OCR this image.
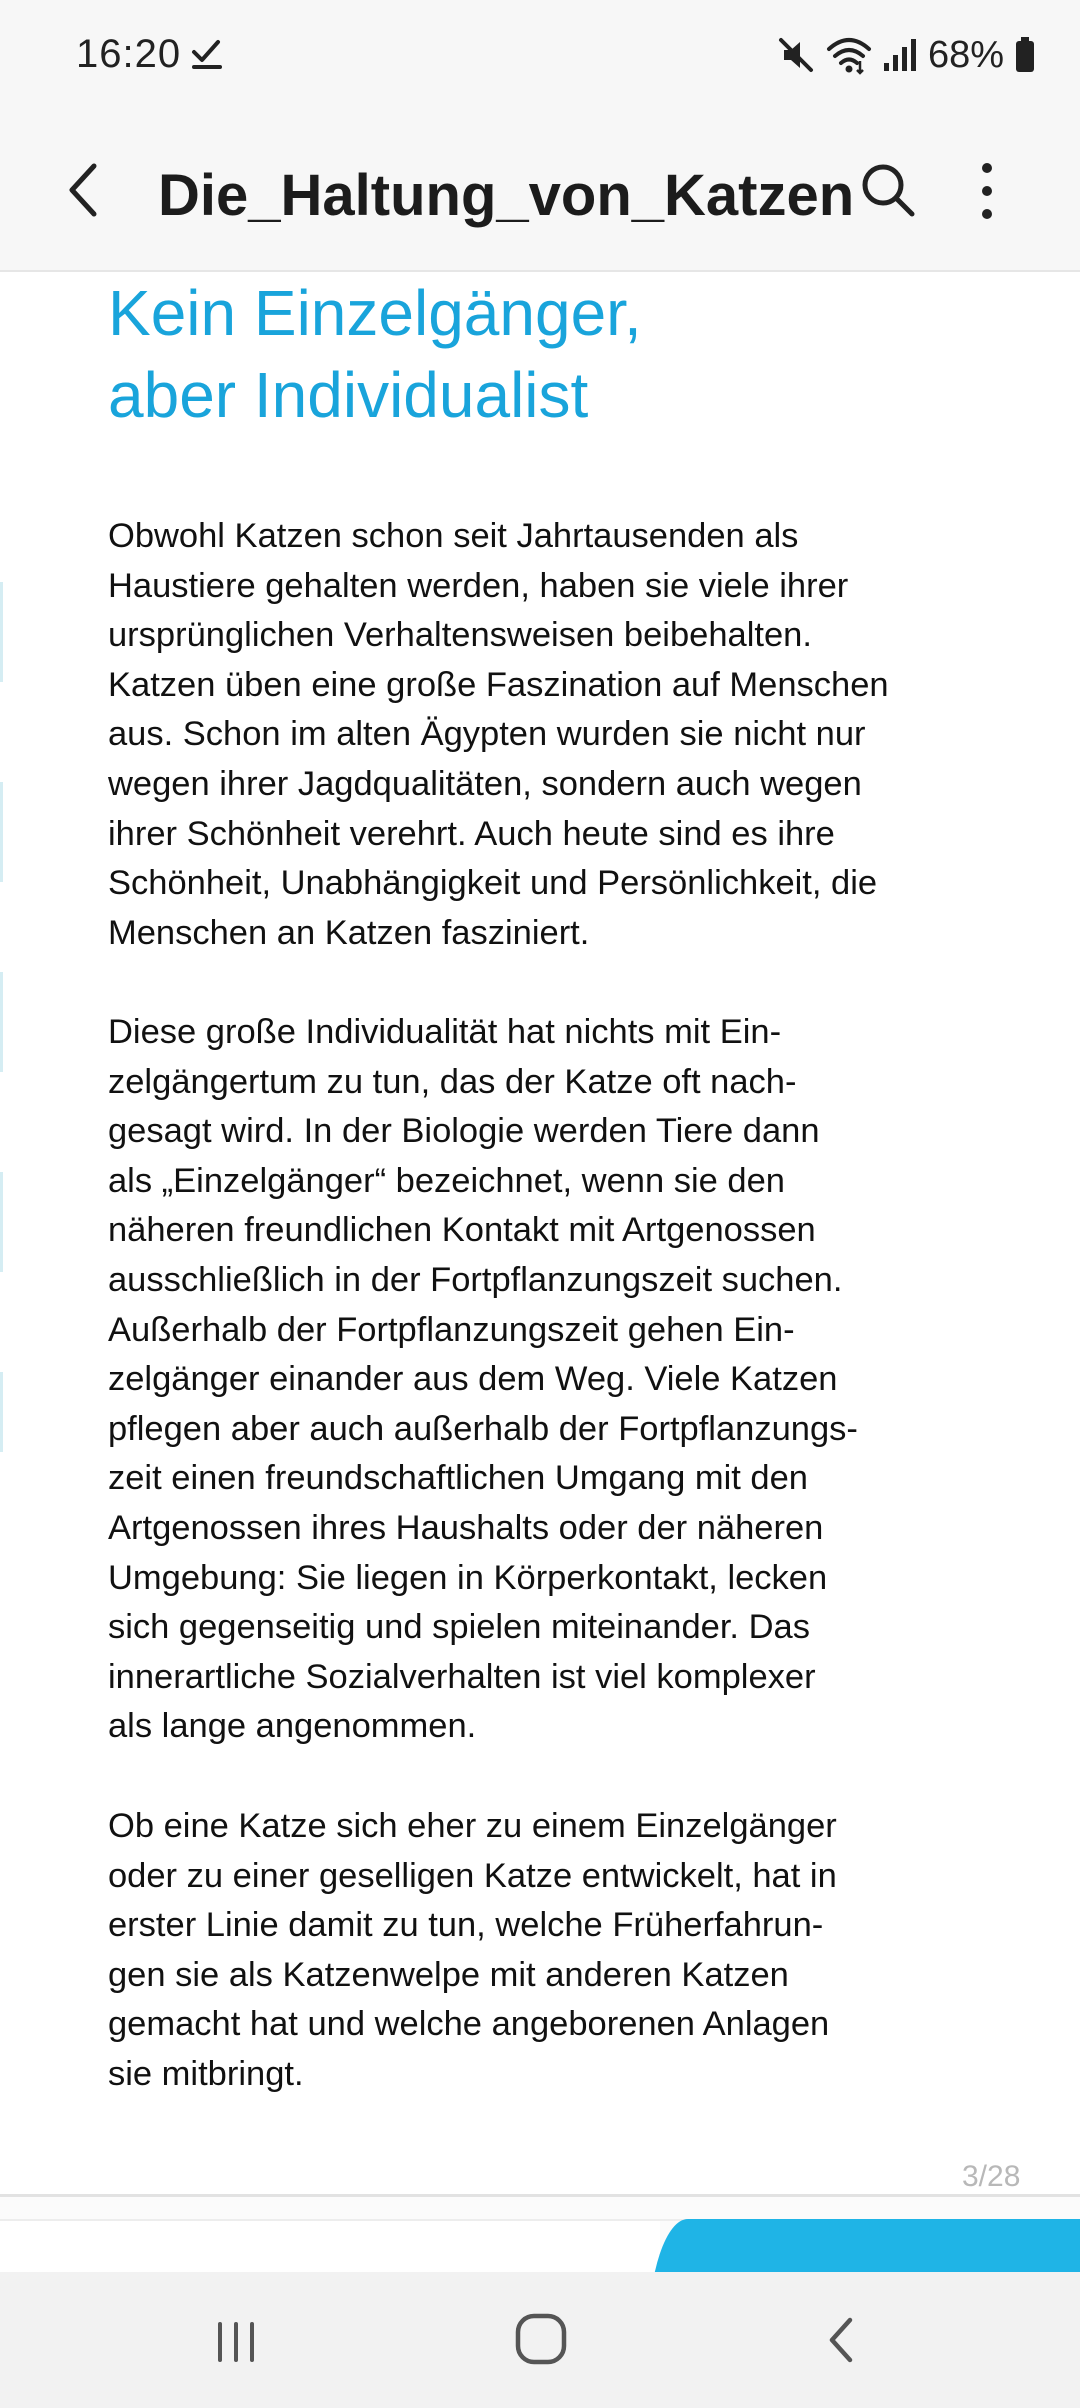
16:20	68%
Die_Haltung_von_Katzen
Kein Einzelgänger,
aber Individualist

Obwohl Katzen schon seit Jahrtausenden als
Haustiere gehalten werden, haben sie viele ihrer
ursprünglichen Verhaltensweisen beibehalten.
Katzen üben eine große Faszination auf Menschen
aus. Schon im alten Ägypten wurden sie nicht nur
wegen ihrer Jagdqualitäten, sondern auch wegen
ihrer Schönheit verehrt. Auch heute sind es ihre
Schönheit, Unabhängigkeit und Persönlichkeit, die
Menschen an Katzen fasziniert.

Diese große Individualität hat nichts mit Ein-
zelgängertum zu tun, das der Katze oft nach-
gesagt wird. In der Biologie werden Tiere dann
als „Einzelgänger“ bezeichnet, wenn sie den
näheren freundlichen Kontakt mit Artgenossen
ausschließlich in der Fortpflanzungszeit suchen.
Außerhalb der Fortpflanzungszeit gehen Ein-
zelgänger einander aus dem Weg. Viele Katzen
pflegen aber auch außerhalb der Fortpflanzungs-
zeit einen freundschaftlichen Umgang mit den
Artgenossen ihres Haushalts oder der näheren
Umgebung: Sie liegen in Körperkontakt, lecken
sich gegenseitig und spielen miteinander. Das
innerartliche Sozialverhalten ist viel komplexer
als lange angenommen.

Ob eine Katze sich eher zu einem Einzelgänger
oder zu einer geselligen Katze entwickelt, hat in
erster Linie damit zu tun, welche Früherfahrun-
gen sie als Katzenwelpe mit anderen Katzen
gemacht hat und welche angeborenen Anlagen
sie mitbringt.

3/28
